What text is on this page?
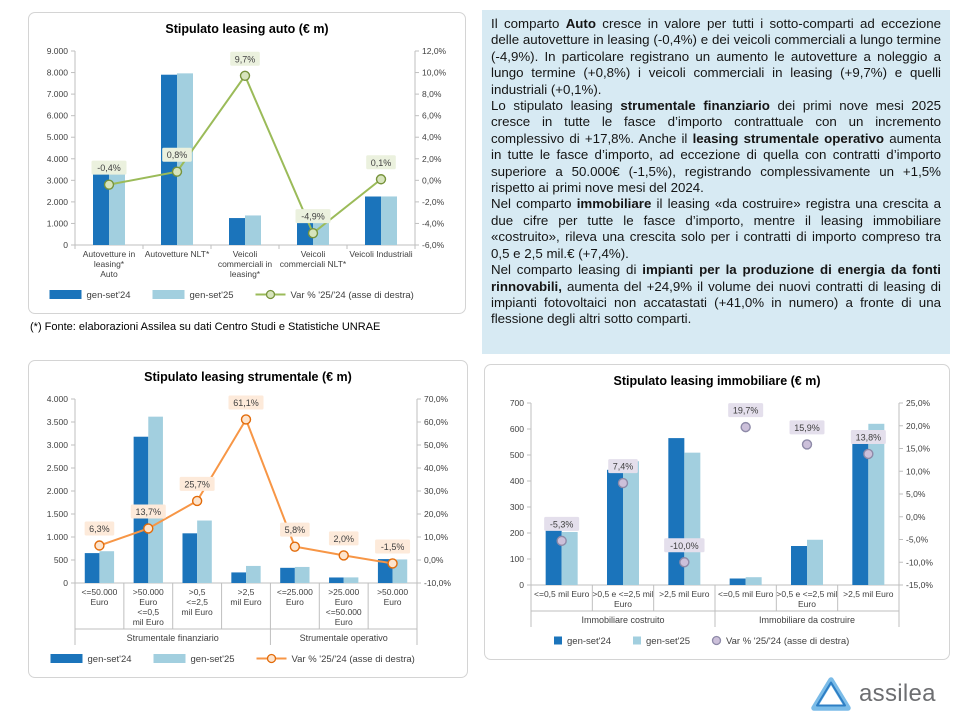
Stipulato leasing auto (€ m)
9.000
8.000
7.000
6.000
5.000
4.000
3.000
2.000
1.000
0
12,0%
10,0%
8,0%
6,0%
4,0%
2,0%
0,0%
-2,0%
-4,0%
-6,0%
-0,4%
0,8%
9,7%
-4,9%
0,1%
Autovetture in
leasing*
Auto
Autovetture NLT*	Veicoli
commerciali in
leasing*
Veicoli
commerciali NLT*
Veicoli Industriali
gen-set'24	gen-set'25	Var % '25/'24 (asse di destra)

(*) Fonte: elaborazioni Assilea su dati Centro Studi e Statistiche UNRAE

Il comparto Auto cresce in valore per tutti i sotto-comparti ad eccezione delle autovetture in leasing (-0,4%) e dei veicoli commerciali a lungo termine (-4,9%). In particolare registrano un aumento le autovetture a noleggio a lungo termine (+0,8%) i veicoli commerciali in leasing (+9,7%) e quelli industriali (+0,1%).
Lo stipulato leasing strumentale finanziario dei primi nove mesi 2025 cresce in tutte le fasce d’importo contrattuale con un incremento complessivo di +17,8%. Anche il leasing strumentale operativo aumenta in tutte le fasce d’importo, ad eccezione di quella con contratti d’importo superiore a 50.000€ (-1,5%), registrando complessivamente un +1,5% rispetto ai primi nove mesi del 2024.
Nel comparto immobiliare il leasing «da costruire» registra una crescita a due cifre per tutte le fasce d’importo, mentre il leasing immobiliare «costruito», rileva una crescita solo per i contratti di importo compreso tra 0,5 e 2,5 mil.€ (+7,4%).
Nel comparto leasing di impianti per la produzione di energia da fonti rinnovabili, aumenta del +24,9% il volume dei nuovi contratti di leasing di impianti fotovoltaici non accatastati (+41,0% in numero) a fronte di una flessione degli altri sotto comparti.
Stipulato leasing strumentale (€ m)
4.000
3.500
3.000
2.500
2.000
1.500
1.000
500
0
70,0%
60,0%
50,0%
40,0%
30,0%
20,0%
10,0%
0,0%
-10,0%
6,3%
13,7%
25,7%
61,1%
5,8%
2,0%
-1,5%
<=50.000
Euro
>50.000
Euro
<=0,5
mil Euro
>0,5
<=2,5
mil Euro
>2,5
mil Euro
<=25.000
Euro
>25.000
Euro
<=50.000
Euro
>50.000
Euro
Strumentale finanziario	Strumentale operativo
gen-set'24	gen-set'25	Var % '25/'24 (asse di destra)
Stipulato leasing immobiliare (€ m)
700
600
500
400
300
200
100
0
25,0%
20,0%
15,0%
10,0%
5,0%
0,0%
-5,0%
-10,0%
-15,0%
-5,3%
7,4%
-10,0%
19,7%
15,9%
13,8%
<=0,5 mil Euro >0,5 e <=2,5 mil
Euro
>2,5 mil Euro <=0,5 mil Euro >0,5 e <=2,5 mil
Euro
>2,5 mil Euro
Immobiliare costruito	Immobiliare da costruire
gen-set'24	gen-set'25	Var % '25/'24 (asse di destra)
assilea
